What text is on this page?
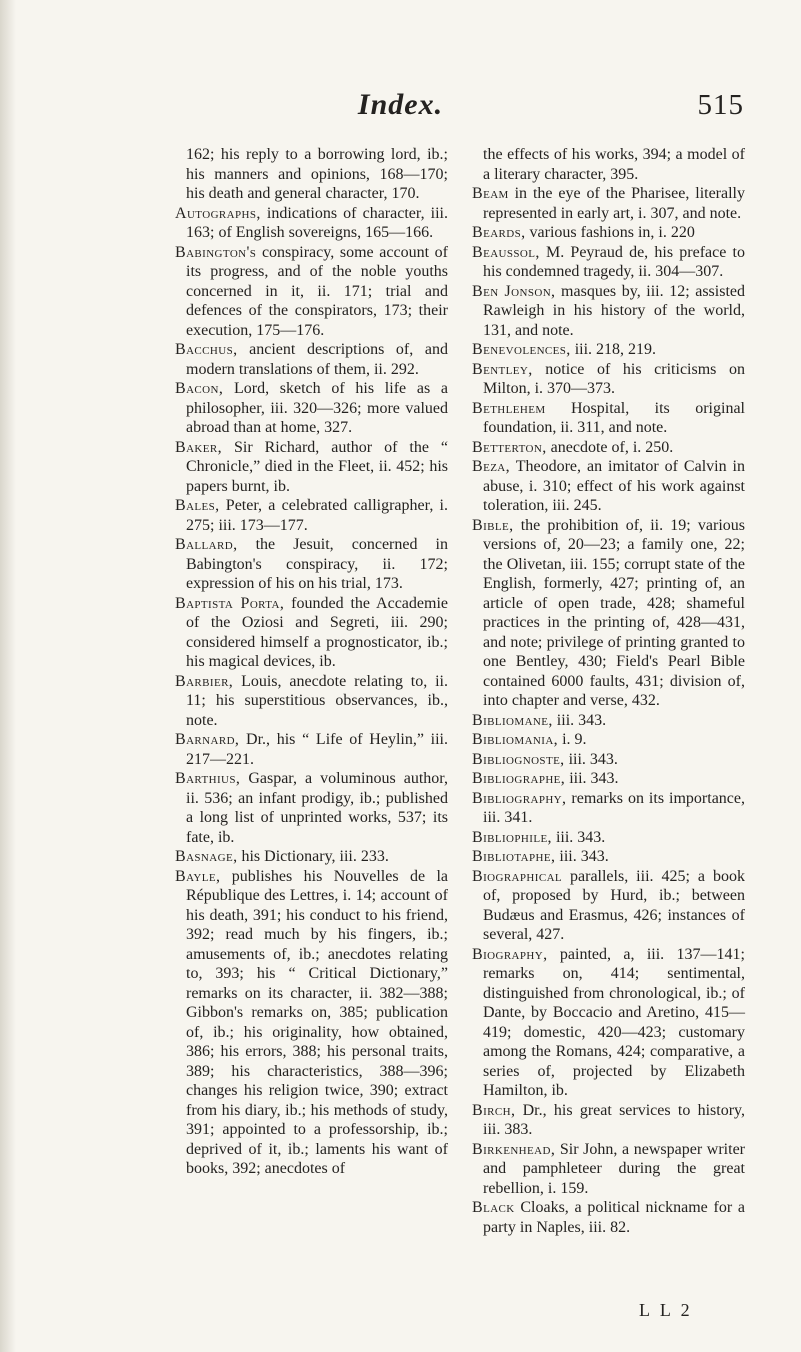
Index.	515

162; his reply to a borrowing lord, ib.; his manners and opinions, 168—170; his death and general character, 170.

Autographs, indications of character, iii. 163; of English sovereigns, 165—166.

Babington's conspiracy, some account of its progress, and of the noble youths concerned in it, ii. 171; trial and defences of the conspirators, 173; their execution, 175—176.

Bacchus, ancient descriptions of, and modern translations of them, ii. 292.

Bacon, Lord, sketch of his life as a philosopher, iii. 320—326; more valued abroad than at home, 327.

Baker, Sir Richard, author of the “ Chronicle,” died in the Fleet, ii. 452; his papers burnt, ib.

Bales, Peter, a celebrated calligrapher, i. 275; iii. 173—177.

Ballard, the Jesuit, concerned in Babington's conspiracy, ii. 172; expression of his on his trial, 173.

Baptista Porta, founded the Accademie of the Oziosi and Segreti, iii. 290; considered himself a prognosticator, ib.; his magical devices, ib.

Barbier, Louis, anecdote relating to, ii. 11; his superstitious observances, ib., note.

Barnard, Dr., his “ Life of Heylin,” iii. 217—221.

Barthius, Gaspar, a voluminous author, ii. 536; an infant prodigy, ib.; published a long list of unprinted works, 537; its fate, ib.

Basnage, his Dictionary, iii. 233.

Bayle, publishes his Nouvelles de la République des Lettres, i. 14; account of his death, 391; his conduct to his friend, 392; read much by his fingers, ib.; amusements of, ib.; anecdotes relating to, 393; his “ Critical Dictionary,” remarks on its character, ii. 382—388; Gibbon's remarks on, 385; publication of, ib.; his originality, how obtained, 386; his errors, 388; his personal traits, 389; his characteristics, 388—396; changes his religion twice, 390; extract from his diary, ib.; his methods of study, 391; appointed to a professorship, ib.; deprived of it, ib.; laments his want of books, 392; anecdotes of

the effects of his works, 394; a model of a literary character, 395.

Beam in the eye of the Pharisee, literally represented in early art, i. 307, and note.

Beards, various fashions in, i. 220

Beaussol, M. Peyraud de, his preface to his condemned tragedy, ii. 304—307.

Ben Jonson, masques by, iii. 12; assisted Rawleigh in his history of the world, 131, and note.

Benevolences, iii. 218, 219.

Bentley, notice of his criticisms on Milton, i. 370—373.

Bethlehem Hospital, its original foundation, ii. 311, and note.

Betterton, anecdote of, i. 250.

Beza, Theodore, an imitator of Calvin in abuse, i. 310; effect of his work against toleration, iii. 245.

Bible, the prohibition of, ii. 19; various versions of, 20—23; a family one, 22; the Olivetan, iii. 155; corrupt state of the English, formerly, 427; printing of, an article of open trade, 428; shameful practices in the printing of, 428—431, and note; privilege of printing granted to one Bentley, 430; Field's Pearl Bible contained 6000 faults, 431; division of, into chapter and verse, 432.

Bibliomane, iii. 343.

Bibliomania, i. 9.

Bibliognoste, iii. 343.

Bibliographe, iii. 343.

Bibliography, remarks on its importance, iii. 341.

Bibliophile, iii. 343.

Bibliotaphe, iii. 343.

Biographical parallels, iii. 425; a book of, proposed by Hurd, ib.; between Budæus and Erasmus, 426; instances of several, 427.

Biography, painted, a, iii. 137—141; remarks on, 414; sentimental, distinguished from chronological, ib.; of Dante, by Boccacio and Aretino, 415—419; domestic, 420—423; customary among the Romans, 424; comparative, a series of, projected by Elizabeth Hamilton, ib.

Birch, Dr., his great services to history, iii. 383.

Birkenhead, Sir John, a newspaper writer and pamphleteer during the great rebellion, i. 159.

Black Cloaks, a political nickname for a party in Naples, iii. 82.

L L 2
